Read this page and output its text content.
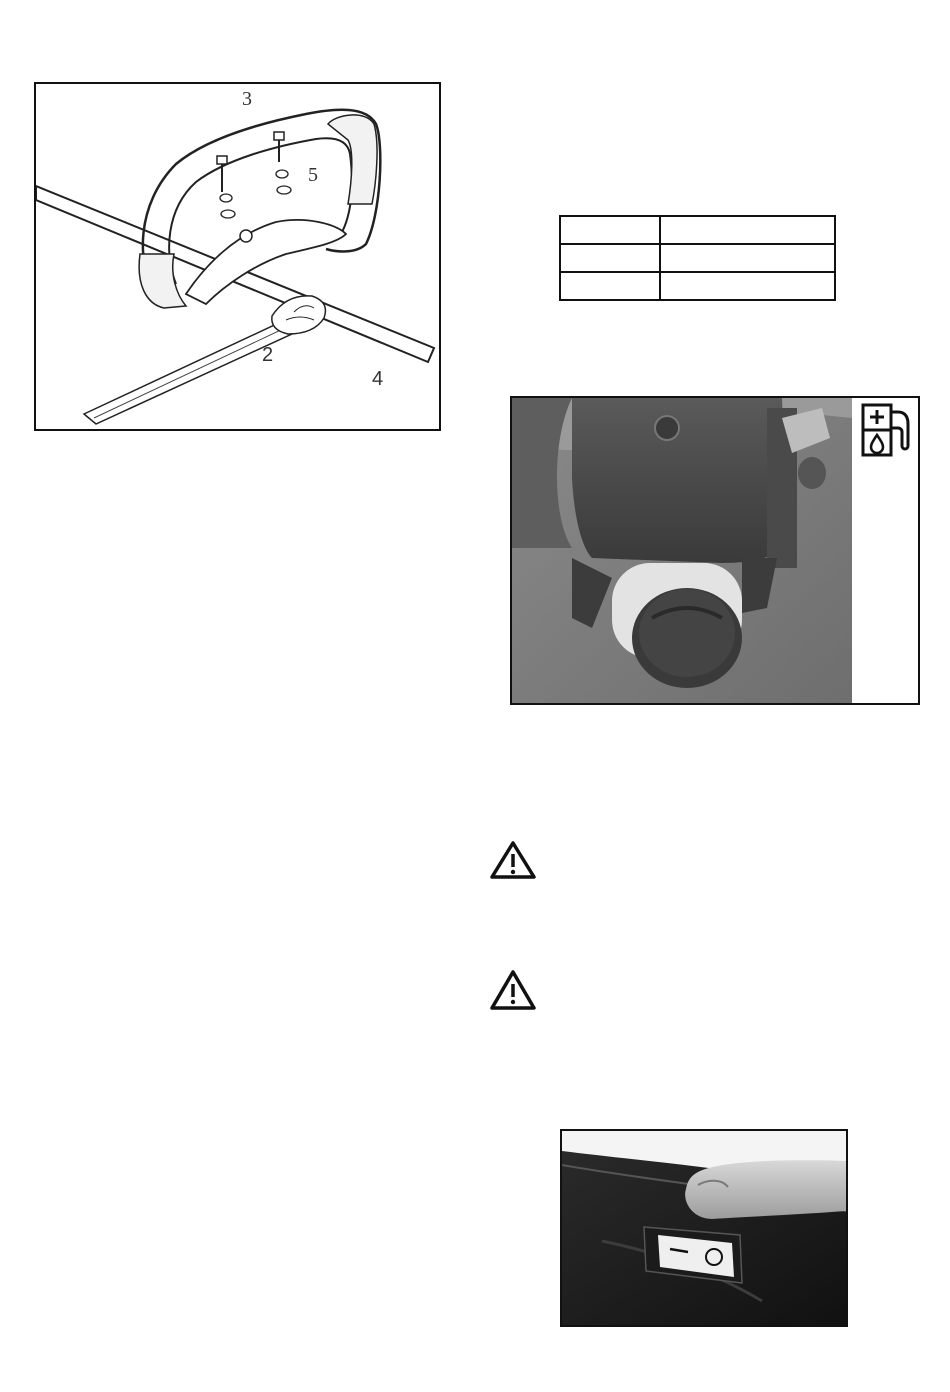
3
5
2
4
